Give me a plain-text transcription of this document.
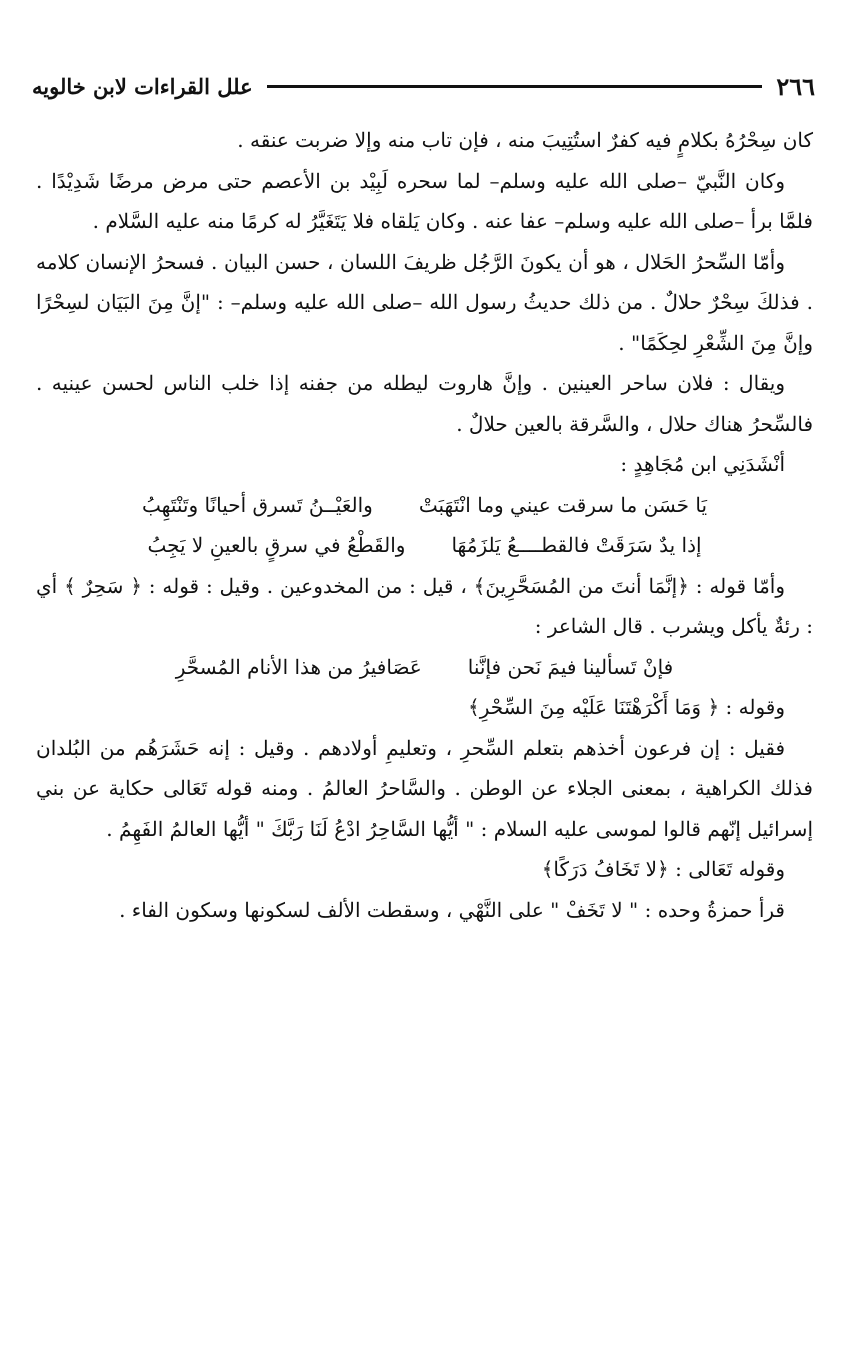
٢٦٦
علل القراءات لابن خالويه

كان سِحْرُهُ بكلامٍ فيه كفرٌ استُتِيبَ منه ، فإن تاب منه وإلا ضربت عنقه .

وكان النَّبيّ –صلى الله عليه وسلم– لما سحره لَبِيْد بن الأعصم حتى مرض مرضًا شَدِيْدًا . فلمَّا برأ –صلى الله عليه وسلم– عفا عنه . وكان يَلقاه فلا يَتَغَيَّرُ له كرمًا منه عليه السَّلام .

وأمّا السِّحرُ الحَلال ، هو أن يكونَ الرَّجُل ظريفَ اللسان ، حسن البيان . فسحرُ الإنسان كلامه . فذلكَ سِحْرٌ حلالٌ . من ذلك حديثُ رسول الله –صلى الله عليه وسلم– : "إنَّ مِنَ البَيَان لسِحْرًا وإنَّ مِنَ الشِّعْرِ لحِكَمًا" .

ويقال : فلان ساحر العينين . وإنَّ هاروت ليطله من جفنه إذا خلب الناس لحسن عينيه . فالسِّحرُ هناك حلال ، والسَّرقة بالعين حلالٌ .

أنْشَدَنِي ابن مُجَاهِدٍ :

يَا حَسَن ما سرقت عيني وما انْتَهَبَتْ
والعَيْــنُ تَسرق أحيانًا وتَنْتَهِبُ
إذا يدٌ سَرَقَتْ فالقطــــعُ يَلزَمُهَا
والقَطْعُ في سرقٍ بالعينِ لا يَجِبُ

وأمّا قوله : ﴿إنَّمَا أنتَ من المُسَحَّرِينَ﴾ ، قيل : من المخدوعين . وقيل : قوله : ﴿ سَحِرٌ ﴾ أي : رئةٌ يأكل ويشرب . قال الشاعر :

فإنْ تَسألينا فيمَ نَحن فإنَّنا
عَصَافيرُ من هذا الأنام المُسحَّرِ

وقوله : ﴿ وَمَا أَكْرَهْتَنَا عَلَيْه مِنَ السِّحْرِ﴾

فقيل : إن فرعون أخذهم بتعلم السِّحرِ ، وتعليمِ أولادهم . وقيل : إنه حَشَرَهُم من البُلدان فذلك الكراهية ، بمعنى الجلاء عن الوطن . والسَّاحرُ العالمُ . ومنه قوله تَعَالى حكاية عن بني إسرائيل إنّهم قالوا لموسى عليه السلام : " أيُّها السَّاحِرُ ادْعُ لَنَا رَبَّكَ " أيُّها العالمُ الفَهِمُ .

وقوله تَعَالى : ﴿لا تَخَافُ دَرَكًا﴾

قرأ حمزةُ وحده : " لا تَخَفْ " على النَّهْي ، وسقطت الألف لسكونها وسكون الفاء .
